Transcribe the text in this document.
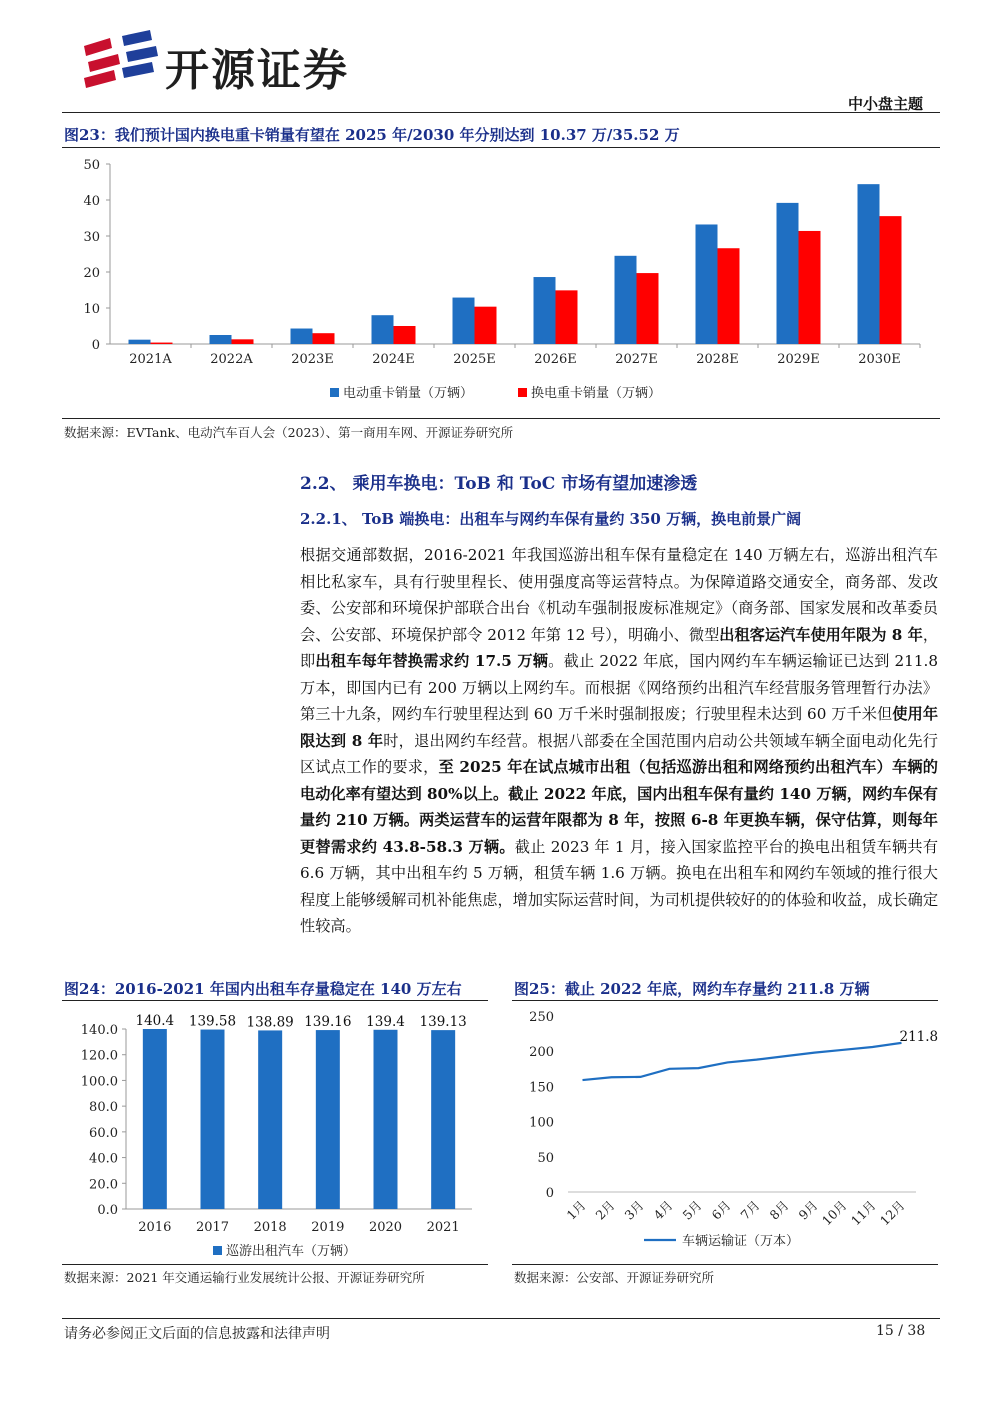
开源证券
中小盘主题
图23：我们预计国内换电重卡销量有望在 2025 年/2030 年分别达到 10.37 万/35.52 万
0
10
20
30
40
50
2021A	2022A	2023E	2024E	2025E	2026E	2027E	2028E	2029E	2030E
电动重卡销量（万辆）	换电重卡销量（万辆）
数据来源：EVTank、电动汽车百人会（2023）、第一商用车网、开源证券研究所
2.2、 乘用车换电：ToB 和 ToC 市场有望加速渗透
2.2.1、 ToB 端换电：出租车与网约车保有量约 350 万辆，换电前景广阔
根据交通部数据，2016-2021 年我国巡游出租车保有量稳定在 140 万辆左右，巡游出租汽车相比私家车，具有行驶里程长、使用强度高等运营特点。为保障道路交通安全，商务部、发改委、公安部和环境保护部联合出台《机动车强制报废标准规定》（商务部、国家发展和改革委员会、公安部、环境保护部令 2012 年第 12 号），明确小、微型出租客运汽车使用年限为 8 年，即出租车每年替换需求约 17.5 万辆。截止 2022 年底，国内网约车车辆运输证已达到 211.8 万本，即国内已有 200 万辆以上网约车。而根据《网络预约出租汽车经营服务管理暂行办法》第三十九条，网约车行驶里程达到 60 万千米时强制报废；行驶里程未达到 60 万千米但使用年限达到 8 年时，退出网约车经营。根据八部委在全国范围内启动公共领域车辆全面电动化先行区试点工作的要求，至 2025 年在试点城市出租（包括巡游出租和网络预约出租汽车）车辆的电动化率有望达到 80%以上。截止 2022 年底，国内出租车保有量约 140 万辆，网约车保有量约 210 万辆。两类运营车的运营年限都为 8 年，按照 6-8 年更换车辆，保守估算，则每年更替需求约 43.8-58.3 万辆。截止 2023 年 1 月，接入国家监控平台的换电出租赁车辆共有 6.6 万辆，其中出租车约 5 万辆，租赁车辆 1.6 万辆。换电在出租车和网约车领域的推行很大程度上能够缓解司机补能焦虑，增加实际运营时间，为司机提供较好的的体验和收益，成长确定性较高。
图24：2016-2021 年国内出租车存量稳定在 140 万左右
0.0
20.0
40.0
60.0
80.0
100.0
120.0
140.0
140.4
2016
139.58
2017
138.89
2018
139.16
2019
139.4
2020
139.13
2021
巡游出租汽车（万辆）
数据来源：2021 年交通运输行业发展统计公报、开源证券研究所
图25：截止 2022 年底，网约车存量约 211.8 万辆
0
50
100
150
200
250
1月 2月 3月 4月 5月 6月 7月 8月 9月
10月
11月
12月
211.8
车辆运输证（万本）
数据来源：公安部、开源证券研究所
请务必参阅正文后面的信息披露和法律声明	15 / 38
